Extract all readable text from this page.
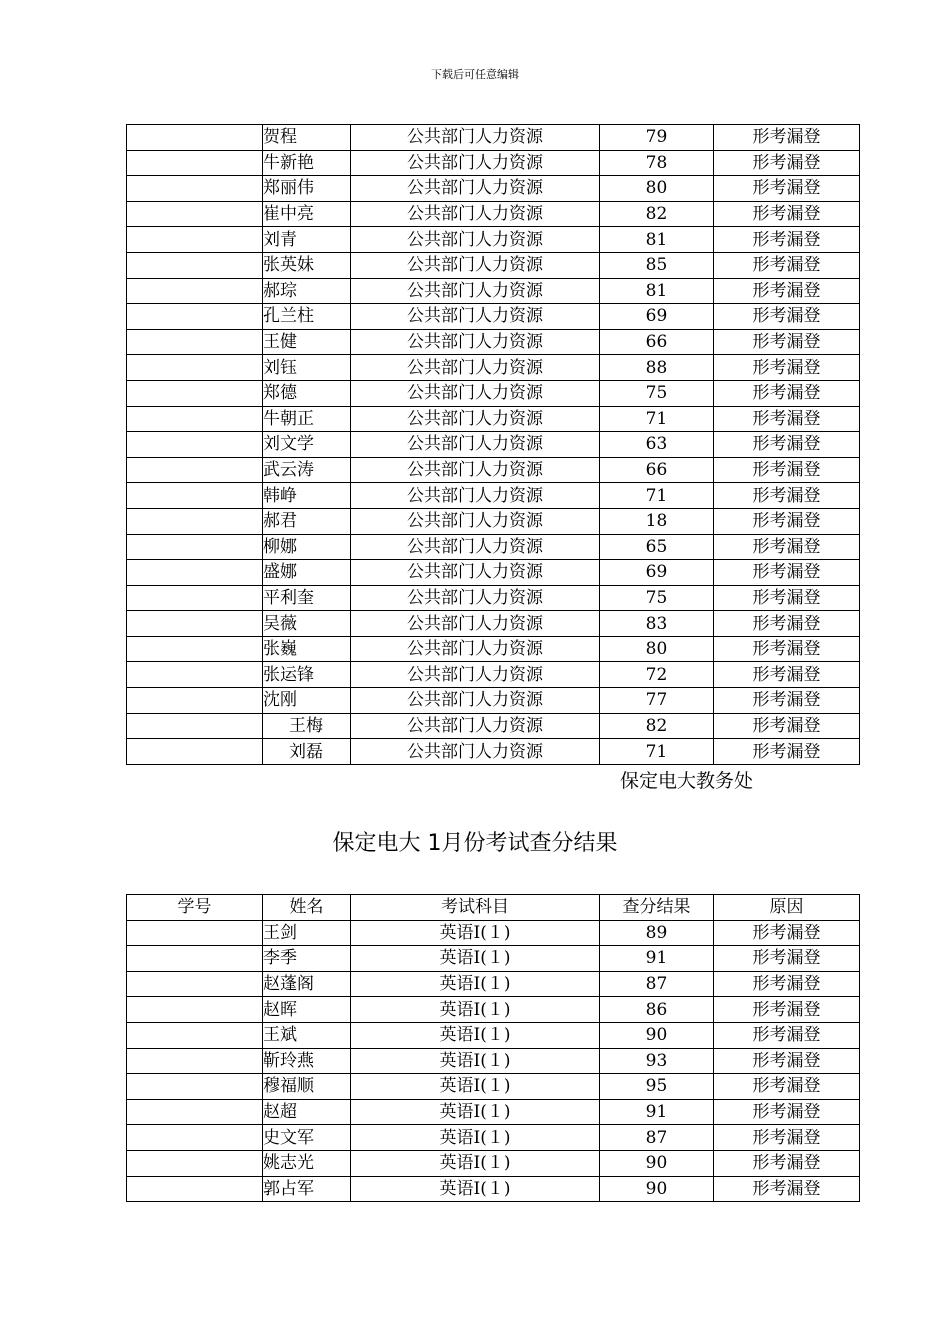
下载后可任意编辑
	贺程	公共部门人力资源	79	形考漏登
	牛新艳	公共部门人力资源	78	形考漏登
	郑丽伟	公共部门人力资源	80	形考漏登
	崔中亮	公共部门人力资源	82	形考漏登
	刘青	公共部门人力资源	81	形考漏登
	张英妹	公共部门人力资源	85	形考漏登
	郝琮	公共部门人力资源	81	形考漏登
	孔兰柱	公共部门人力资源	69	形考漏登
	王健	公共部门人力资源	66	形考漏登
	刘钰	公共部门人力资源	88	形考漏登
	郑德	公共部门人力资源	75	形考漏登
	牛朝正	公共部门人力资源	71	形考漏登
	刘文学	公共部门人力资源	63	形考漏登
	武云涛	公共部门人力资源	66	形考漏登
	韩峥	公共部门人力资源	71	形考漏登
	郝君	公共部门人力资源	18	形考漏登
	柳娜	公共部门人力资源	65	形考漏登
	盛娜	公共部门人力资源	69	形考漏登
	平利奎	公共部门人力资源	75	形考漏登
	吴薇	公共部门人力资源	83	形考漏登
	张巍	公共部门人力资源	80	形考漏登
	张运锋	公共部门人力资源	72	形考漏登
	沈刚	公共部门人力资源	77	形考漏登
	王梅	公共部门人力资源	82	形考漏登
	刘磊	公共部门人力资源	71	形考漏登
保定电大教务处
保定电大 1月份考试查分结果
学号	姓名	考试科目	查分结果	原因
	王剑	英语Ⅰ(１)	89	形考漏登
	李季	英语Ⅰ(１)	91	形考漏登
	赵蓬阁	英语Ⅰ(１)	87	形考漏登
	赵晖	英语Ⅰ(１)	86	形考漏登
	王斌	英语Ⅰ(１)	90	形考漏登
	靳玲燕	英语Ⅰ(１)	93	形考漏登
	穆福顺	英语Ⅰ(１)	95	形考漏登
	赵超	英语Ⅰ(１)	91	形考漏登
	史文军	英语Ⅰ(１)	87	形考漏登
	姚志光	英语Ⅰ(１)	90	形考漏登
	郭占军	英语Ⅰ(１)	90	形考漏登
